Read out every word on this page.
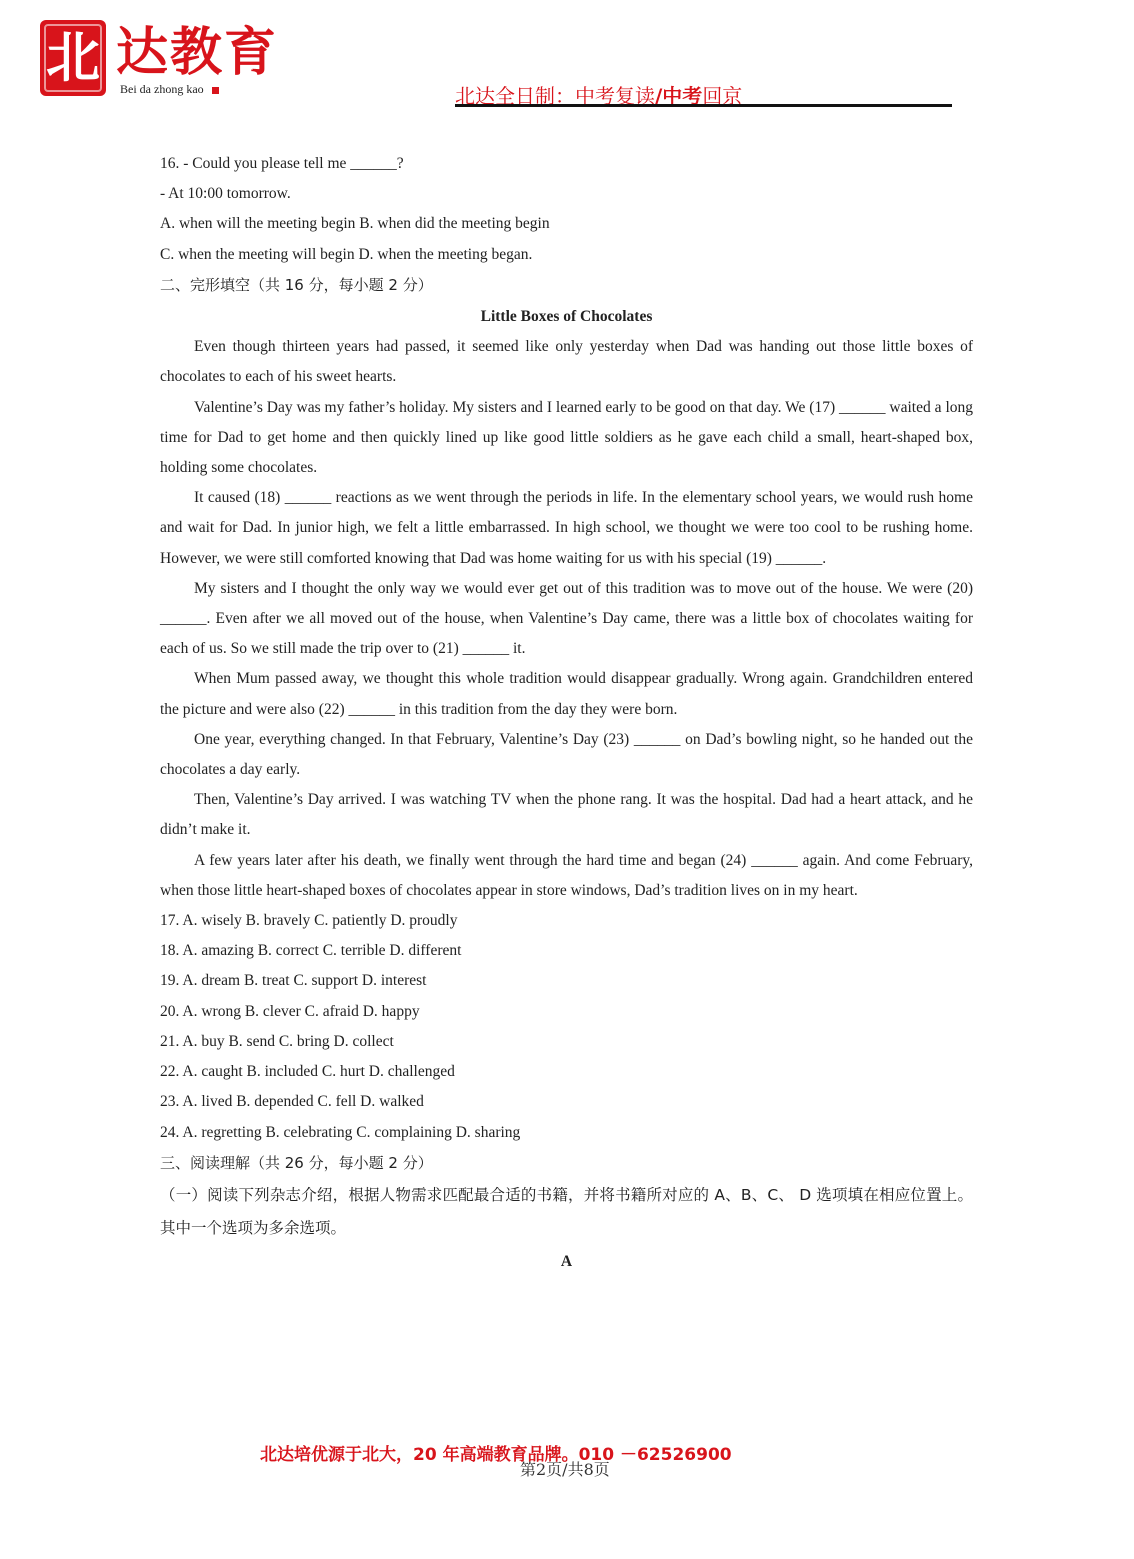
北 达教育
Bei da zhong kao	北达全日制：中考复读/中考回京
16. - Could you please tell me ______?
- At 10:00 tomorrow.
A. when will the meeting begin B. when did the meeting begin
C. when the meeting will begin D. when the meeting began.
二、完形填空（共 16 分，每小题 2 分）
Little Boxes of Chocolates
Even though thirteen years had passed, it seemed like only yesterday when Dad was handing out those little boxes of chocolates to each of his sweet hearts.
Valentine’s Day was my father’s holiday. My sisters and I learned early to be good on that day. We (17) ______ waited a long time for Dad to get home and then quickly lined up like good little soldiers as he gave each child a small, heart-shaped box, holding some chocolates.
It caused (18) ______ reactions as we went through the periods in life. In the elementary school years, we would rush home and wait for Dad. In junior high, we felt a little embarrassed. In high school, we thought we were too cool to be rushing home. However, we were still comforted knowing that Dad was home waiting for us with his special (19) ______.
My sisters and I thought the only way we would ever get out of this tradition was to move out of the house. We were (20) ______. Even after we all moved out of the house, when Valentine’s Day came, there was a little box of chocolates waiting for each of us. So we still made the trip over to (21) ______ it.
When Mum passed away, we thought this whole tradition would disappear gradually. Wrong again. Grandchildren entered the picture and were also (22) ______ in this tradition from the day they were born.
One year, everything changed. In that February, Valentine’s Day (23) ______ on Dad’s bowling night, so he handed out the chocolates a day early.
Then, Valentine’s Day arrived. I was watching TV when the phone rang. It was the hospital. Dad had a heart attack, and he didn’t make it.
A few years later after his death, we finally went through the hard time and began (24) ______ again. And come February, when those little heart-shaped boxes of chocolates appear in store windows, Dad’s tradition lives on in my heart.
17. A. wisely B. bravely C. patiently D. proudly
18. A. amazing B. correct C. terrible D. different
19. A. dream B. treat C. support D. interest
20. A. wrong B. clever C. afraid D. happy
21. A. buy B. send C. bring D. collect
22. A. caught B. included C. hurt D. challenged
23. A. lived B. depended C. fell D. walked
24. A. regretting B. celebrating C. complaining D. sharing
三、阅读理解（共 26 分，每小题 2 分）
（一）阅读下列杂志介绍，根据人物需求匹配最合适的书籍，并将书籍所对应的 A、B、C、 D 选项填在相应位置上。其中一个选项为多余选项。
A
北达培优源于北大，20 年高端教育品牌。010 －62526900
第2页/共8页
